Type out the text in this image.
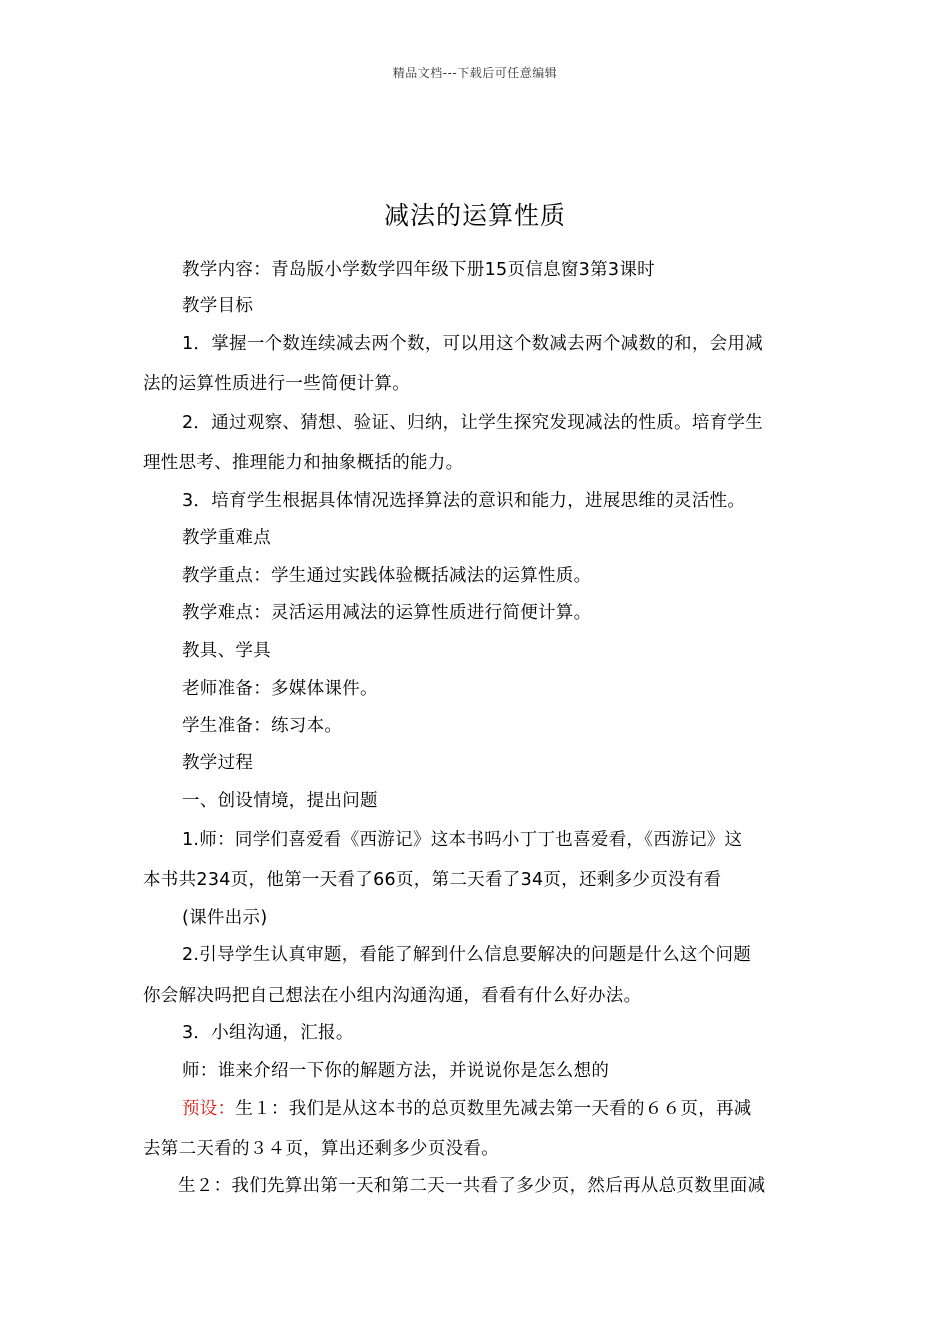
精品文档---下载后可任意编辑
减法的运算性质
教学内容：青岛版小学数学四年级下册15页信息窗3第3课时
教学目标
1．掌握一个数连续减去两个数，可以用这个数减去两个减数的和，会用减
法的运算性质进行一些简便计算。
2．通过观察、猜想、验证、归纳，让学生探究发现减法的性质。培育学生
理性思考、推理能力和抽象概括的能力。
3．培育学生根据具体情况选择算法的意识和能力，进展思维的灵活性。
教学重难点
教学重点：学生通过实践体验概括减法的运算性质。
教学难点：灵活运用减法的运算性质进行简便计算。
教具、学具
老师准备：多媒体课件。
学生准备：练习本。
教学过程
一、创设情境，提出问题
1.师：同学们喜爱看《西游记》这本书吗小丁丁也喜爱看，《西游记》这
本书共234页，他第一天看了66页，第二天看了34页，还剩多少页没有看
(课件出示)
2.引导学生认真审题，看能了解到什么信息要解决的问题是什么这个问题
你会解决吗把自己想法在小组内沟通沟通，看看有什么好办法。
3．小组沟通，汇报。
师：谁来介绍一下你的解题方法，并说说你是怎么想的
预设：生１：我们是从这本书的总页数里先减去第一天看的６６页，再减
去第二天看的３４页，算出还剩多少页没看。
生２：我们先算出第一天和第二天一共看了多少页，然后再从总页数里面减
